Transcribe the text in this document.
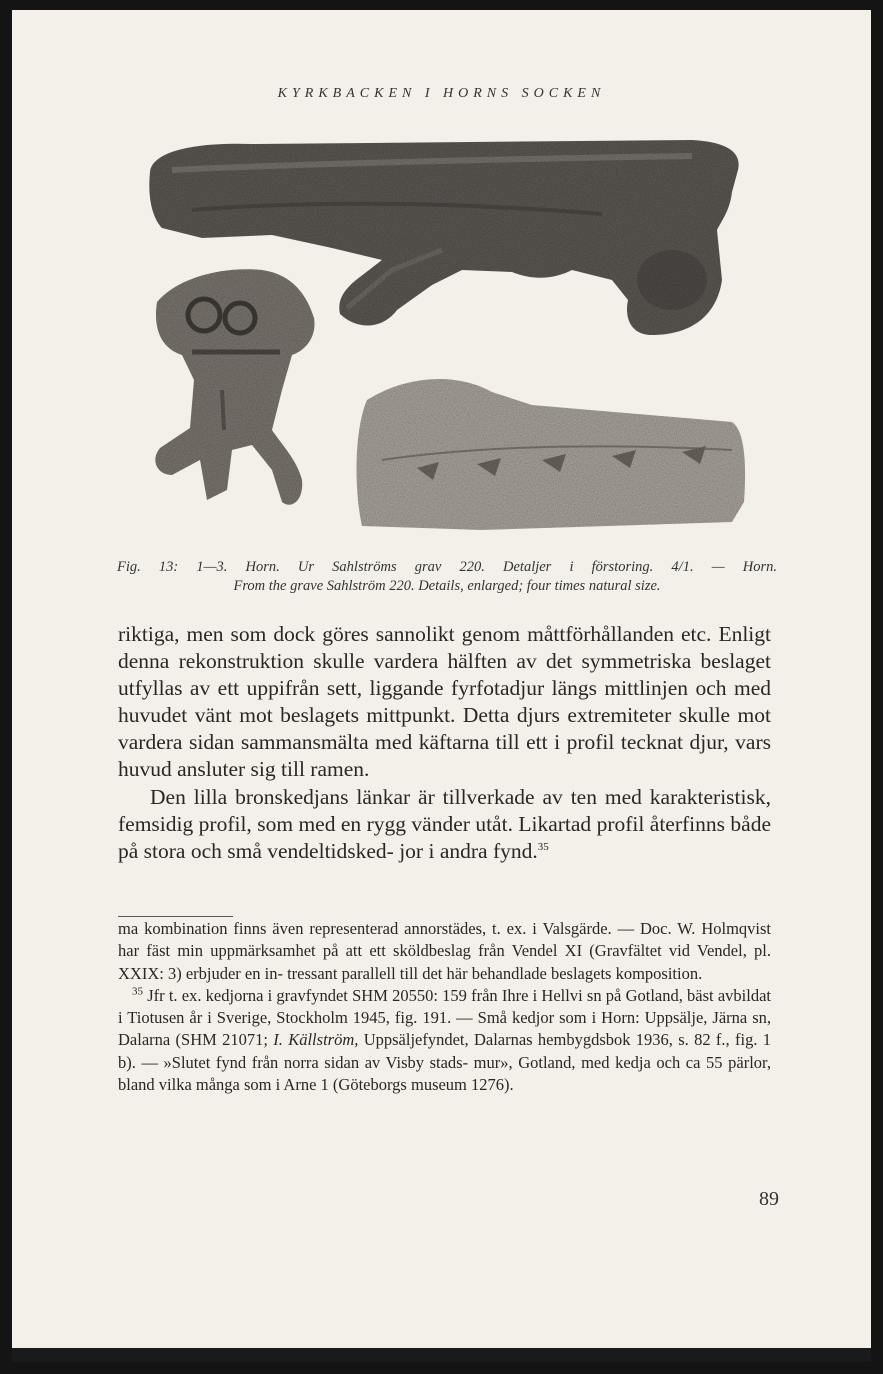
KYRKBACKEN I HORNS SOCKEN
Fig. 13: 1—3. Horn. Ur Sahlströms grav 220. Detaljer i förstoring. 4/1. — Horn.
From the grave Sahlström 220. Details, enlarged; four times natural size.

riktiga, men som dock göres sannolikt genom måttförhållanden etc. Enligt denna rekonstruktion skulle vardera hälften av det symmetriska beslaget utfyllas av ett uppifrån sett, liggande fyrfotadjur längs mittlinjen och med huvudet vänt mot beslagets mittpunkt. Detta djurs extremiteter skulle mot vardera sidan sammansmälta med käftarna till ett i profil tecknat djur, vars huvud ansluter sig till ramen.

Den lilla bronskedjans länkar är tillverkade av ten med karakteristisk, femsidig profil, som med en rygg vänder utåt. Likartad profil återfinns både på stora och små vendeltidsked- jor i andra fynd.$^{35}$

ma kombination finns även representerad annorstädes, t. ex. i Valsgärde. — Doc. W. Holmqvist har fäst min uppmärksamhet på att ett sköldbeslag från Vendel XI (Gravfältet vid Vendel, pl. XXIX: 3) erbjuder en in- tressant parallell till det här behandlade beslagets komposition.

$^{35}$ Jfr t. ex. kedjorna i gravfyndet SHM 20550: 159 från Ihre i Hellvi sn på Gotland, bäst avbildat i Tiotusen år i Sverige, Stockholm 1945, fig. 191. — Små kedjor som i Horn: Uppsälje, Järna sn, Dalarna (SHM 21071; I. Källström, Uppsäljefyndet, Dalarnas hembygdsbok 1936, s. 82 f., fig. 1 b). — »Slutet fynd från norra sidan av Visby stads- mur», Gotland, med kedja och ca 55 pärlor, bland vilka många som i Arne 1 (Göteborgs museum 1276).

89
